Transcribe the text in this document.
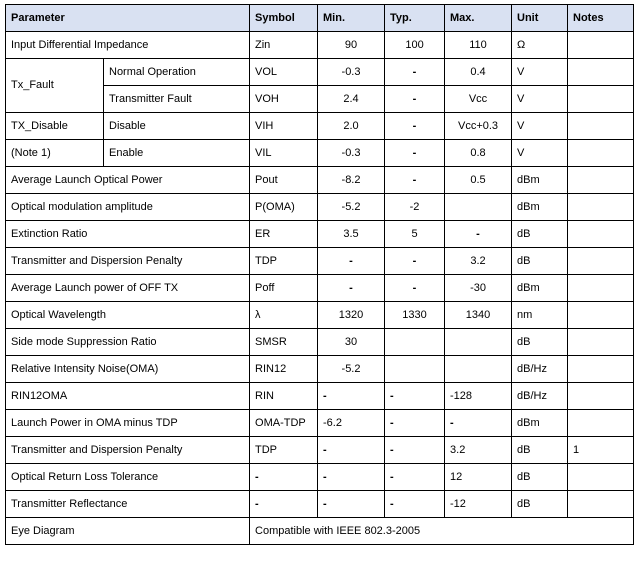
Parameter		Symbol	Min.	Typ.	Max.	Unit	Notes
Input Differential Impedance		Zin	90	100	110	Ω	
Tx_Fault	Normal Operation	VOL	-0.3	-	0.4	V	
	Transmitter Fault	VOH	2.4	-	Vcc	V	
TX_Disable	Disable	VIH	2.0	-	Vcc+0.3	V	
(Note 1)	Enable	VIL	-0.3	-	0.8	V	
Average Launch Optical Power		Pout	-8.2	-	0.5	dBm	
Optical modulation amplitude		P(OMA)	-5.2	-2		dBm	
Extinction Ratio		ER	3.5	5	-	dB	
Transmitter and Dispersion Penalty		TDP	-	-	3.2	dB	
Average Launch power of OFF TX		Poff	-	-	-30	dBm	
Optical Wavelength		λ	1320	1330	1340	nm	
Side mode Suppression Ratio		SMSR	30			dB	
Relative Intensity Noise(OMA)		RIN12	-5.2			dB/Hz	
RIN12OMA		RIN	-	-	-128	dB/Hz	
Launch Power in OMA minus TDP		OMA-TDP	-6.2	-	-	dBm	
Transmitter and Dispersion Penalty		TDP	-	-	3.2	dB	1
Optical Return Loss Tolerance		-	-	-	12	dB	
Transmitter Reflectance		-	-	-	-12	dB	
Eye Diagram		Compatible with IEEE 802.3-2005					
